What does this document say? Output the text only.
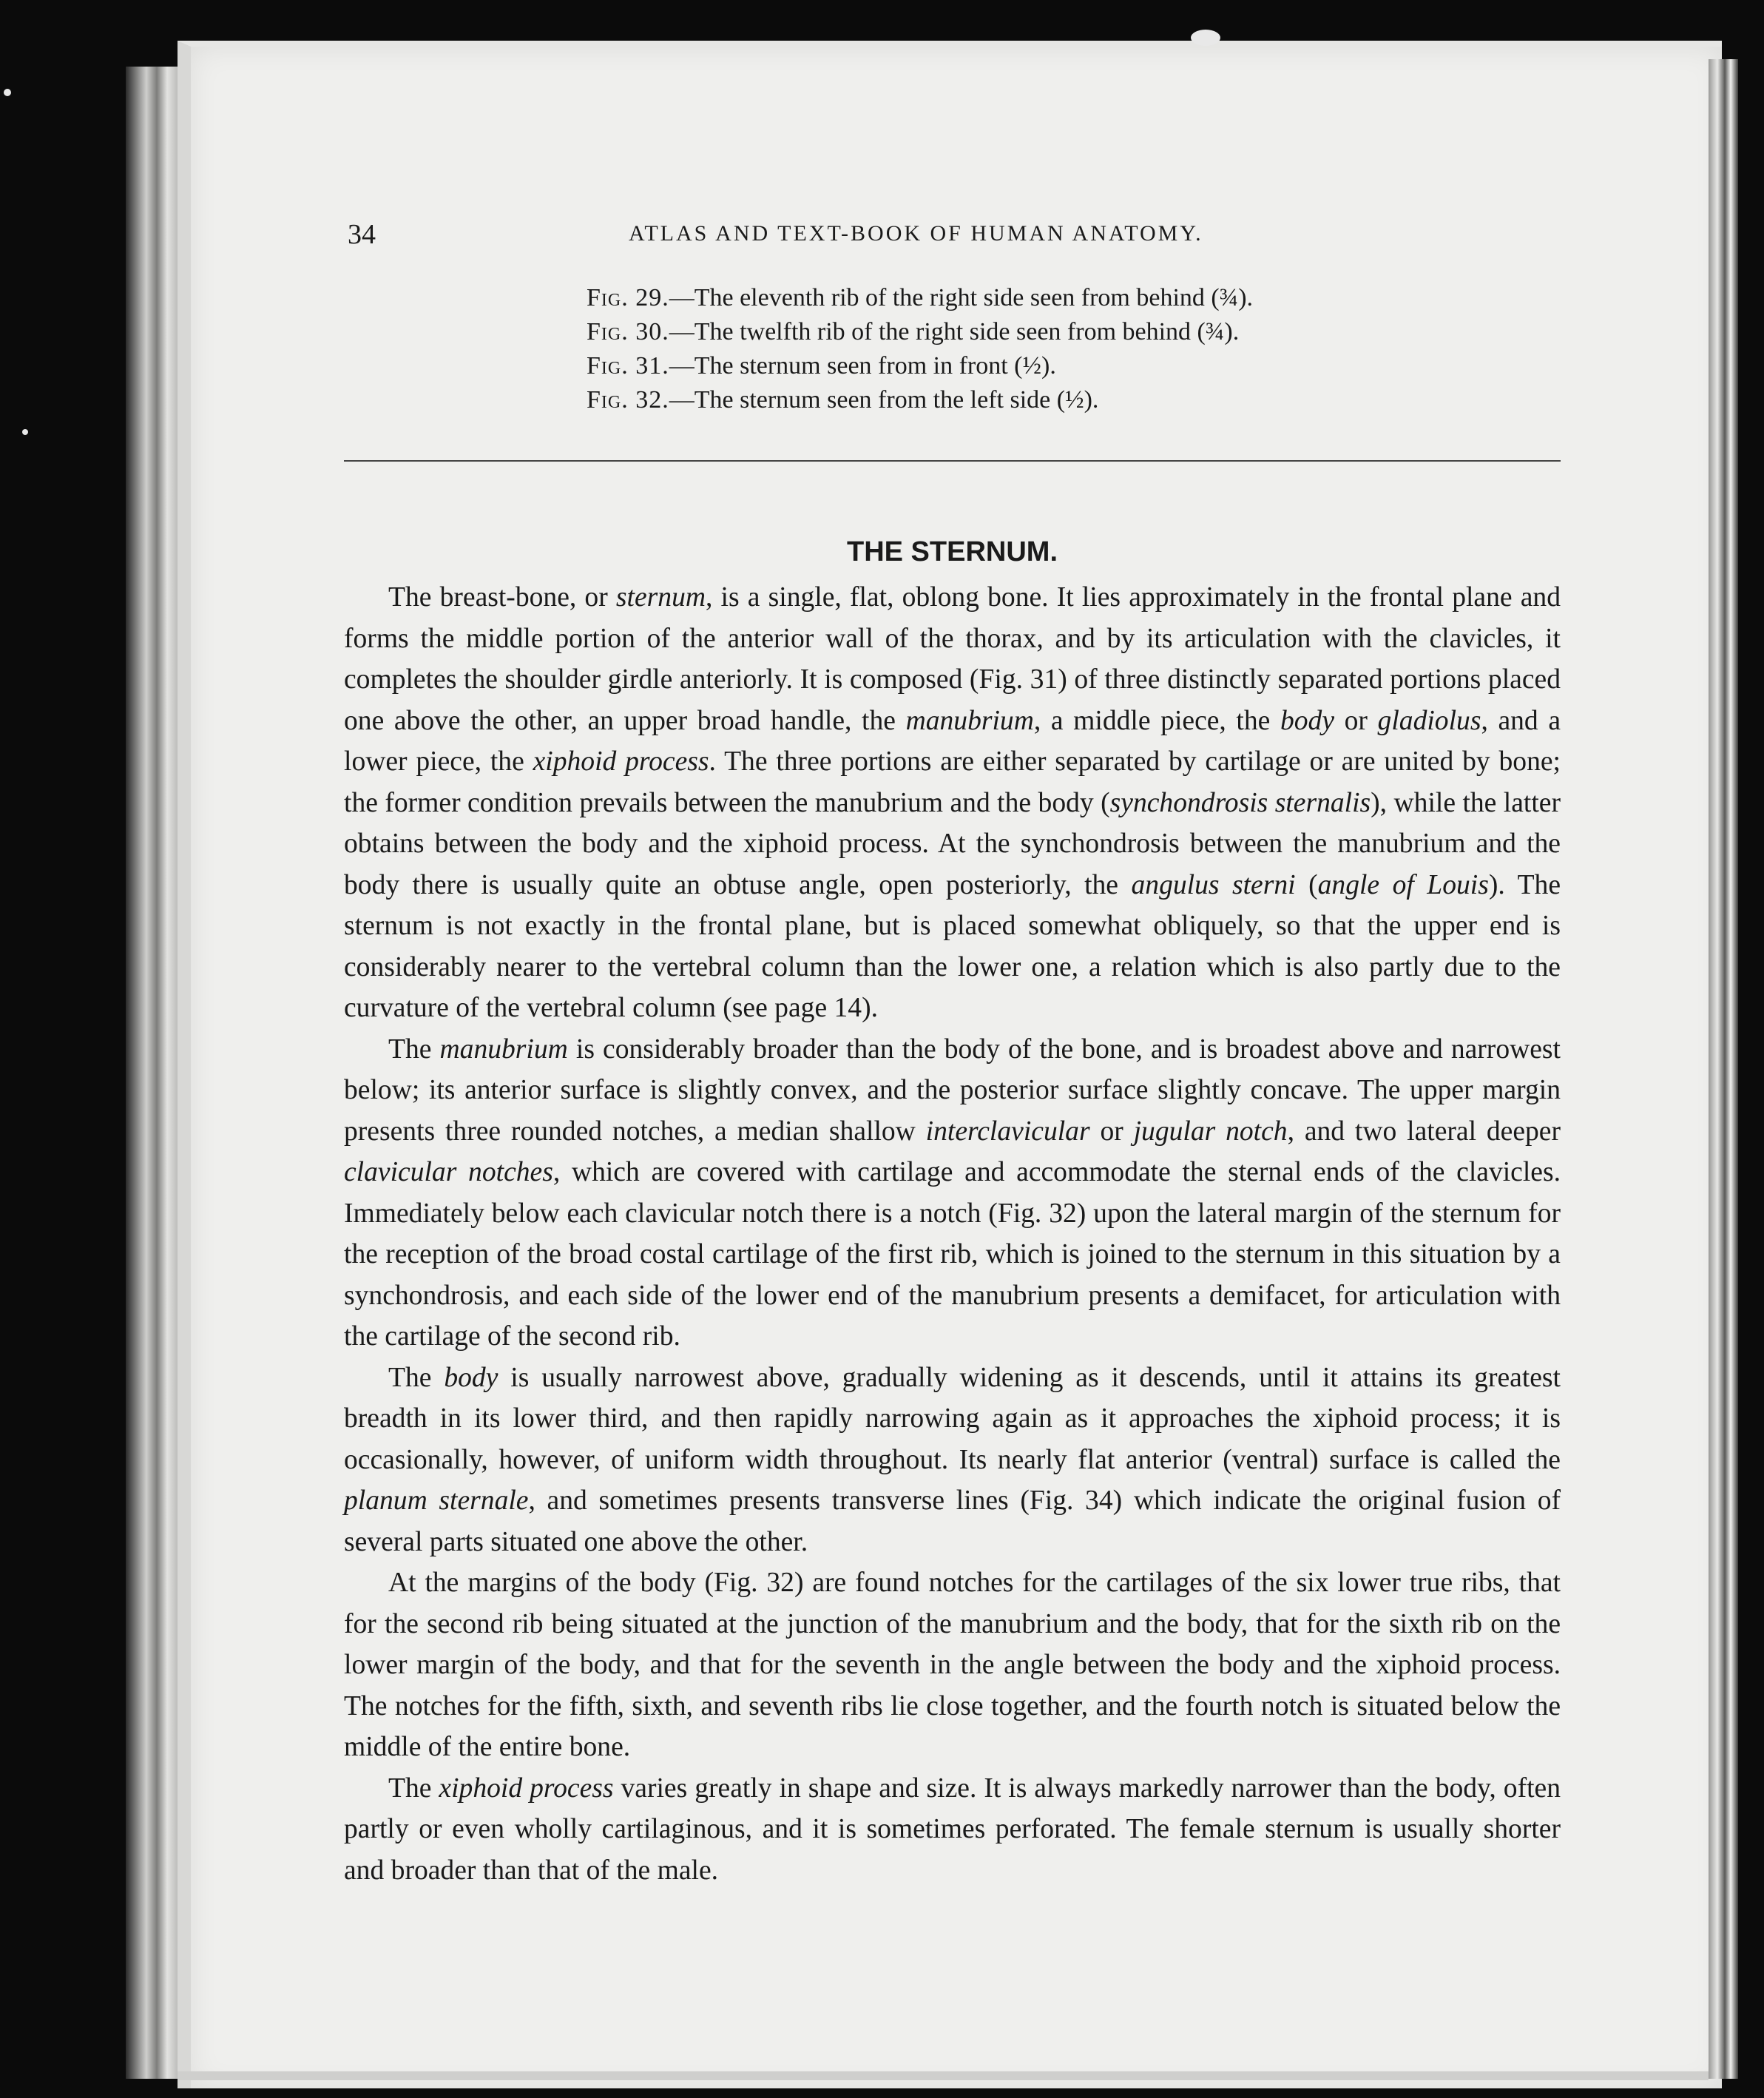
34	ATLAS AND TEXT-BOOK OF HUMAN ANATOMY.
Fig. 29.—The eleventh rib of the right side seen from behind (¾).
Fig. 30.—The twelfth rib of the right side seen from behind (¾).
Fig. 31.—The sternum seen from in front (½).
Fig. 32.—The sternum seen from the left side (½).
THE STERNUM.

The breast-bone, or sternum, is a single, flat, oblong bone. It lies approximately in the frontal plane and forms the middle portion of the anterior wall of the thorax, and by its articulation with the clavicles, it completes the shoulder girdle anteriorly. It is composed (Fig. 31) of three distinctly separated portions placed one above the other, an upper broad handle, the manubrium, a middle piece, the body or gladiolus, and a lower piece, the xiphoid process. The three portions are either separated by cartilage or are united by bone; the former condition prevails between the manubrium and the body (synchondrosis sternalis), while the latter obtains between the body and the xiphoid process. At the synchondrosis between the manubrium and the body there is usually quite an obtuse angle, open posteriorly, the angulus sterni (angle of Louis). The sternum is not exactly in the frontal plane, but is placed somewhat obliquely, so that the upper end is considerably nearer to the vertebral column than the lower one, a relation which is also partly due to the curvature of the vertebral column (see page 14).

The manubrium is considerably broader than the body of the bone, and is broadest above and narrowest below; its anterior surface is slightly convex, and the posterior surface slightly concave. The upper margin presents three rounded notches, a median shallow interclavicular or jugular notch, and two lateral deeper clavicular notches, which are covered with cartilage and accommodate the sternal ends of the clavicles. Immediately below each clavicular notch there is a notch (Fig. 32) upon the lateral margin of the sternum for the reception of the broad costal cartilage of the first rib, which is joined to the sternum in this situation by a synchondrosis, and each side of the lower end of the manubrium presents a demifacet, for articulation with the cartilage of the second rib.

The body is usually narrowest above, gradually widening as it descends, until it attains its greatest breadth in its lower third, and then rapidly narrowing again as it approaches the xiphoid process; it is occasionally, however, of uniform width throughout. Its nearly flat anterior (ventral) surface is called the planum sternale, and sometimes presents transverse lines (Fig. 34) which indicate the original fusion of several parts situated one above the other.

At the margins of the body (Fig. 32) are found notches for the cartilages of the six lower true ribs, that for the second rib being situated at the junction of the manubrium and the body, that for the sixth rib on the lower margin of the body, and that for the seventh in the angle between the body and the xiphoid process. The notches for the fifth, sixth, and seventh ribs lie close together, and the fourth notch is situated below the middle of the entire bone.

The xiphoid process varies greatly in shape and size. It is always markedly narrower than the body, often partly or even wholly cartilaginous, and it is sometimes perforated. The female sternum is usually shorter and broader than that of the male.
